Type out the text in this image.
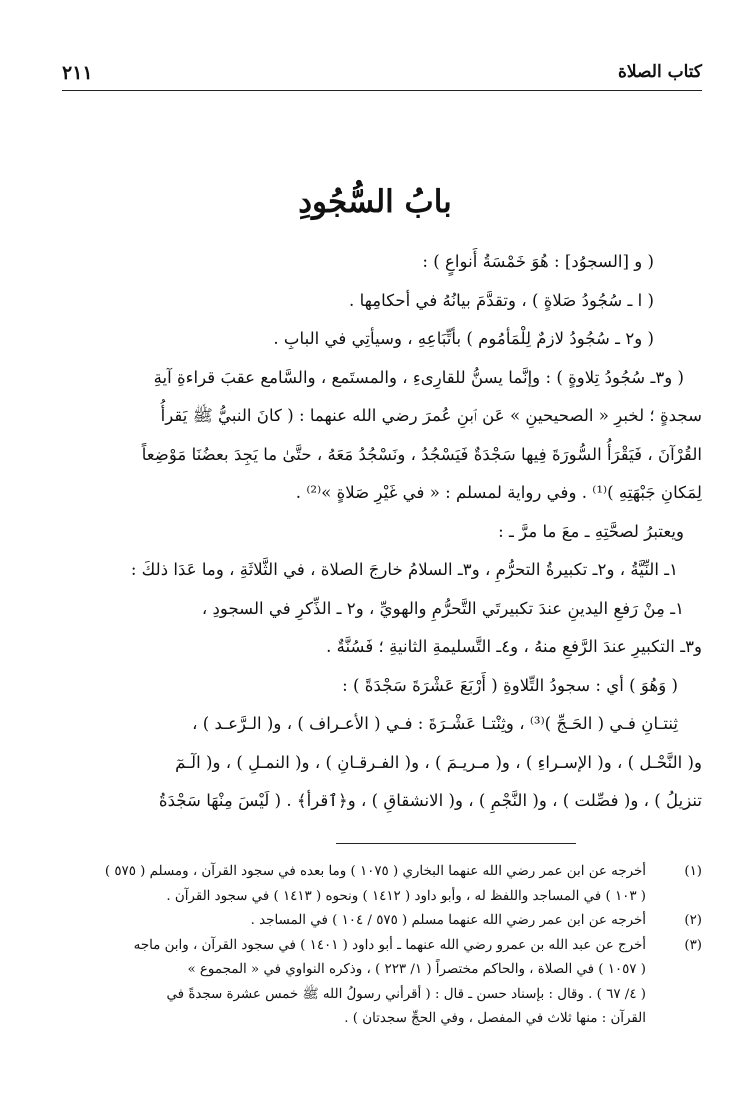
كتاب الصلاة
٢١١
بابُ السُّجُودِ
( و [السجوُد] : هُوَ خَمْسَةُ أَنواعٍ ) :
( ا ـ سُجُودُ صَلاةٍ ) ، وتقدَّمَ بيانُهُ في أحكامِها .
( و٢ ـ سُجُودُ لازمٌ لِلْمَأمُوم ) بأتِّبَاعِهِ ، وسيأتِي في البابِ .
( و٣ـ سُجُودُ تِلاوةٍ ) : وإنَّما يسنُّ للقارِىءِ ، والمستَمع ، والسَّامع عقبَ قراءةِ آيةِ
سجدةٍ ؛ لخبرِ « الصحيحينِ » عَن ٱبنِ عُمرَ رضي الله عنهما : ( كانَ النبيُّ ﷺ يَقرأُ
القُرْآنَ ، فَيَقْرَأُ السُّورَةَ فِيها سَجْدَةٌ فَيَسْجُدُ ، ونَسْجُدُ مَعَهُ ، حتَّىٰ ما يَجِدَ بعضُنَا مَوْضِعاً
لِمَكانِ جَبْهَتِهِ )⁽¹⁾ . وفي رواية لمسلم : « في غَيْرِ صَلاةٍ »⁽²⁾ .
ويعتبرُ لصحَّتِهِ ـ معَ ما مرَّ ـ :
١ـ النِّيَّةُ ، و٢ـ تكبيرةُ التحرُّمِ ، و٣ـ السلامُ خارجَ الصلاة ، في الثَّلاثَةِ ، وما عَدَا ذلكَ :
١ـ مِنْ رَفعِ اليدينِ عندَ تكبيرتَي التَّحرُّمِ والهويِّ ، و٢ ـ الذِّكرِ في السجودِ ،
و٣ـ التكبيرِ عندَ الرَّفعِ منهُ ، و٤ـ التَّسليمةِ الثانيةِ ؛ فَسُنَّةٌ .
( وَهُوَ ) أي : سجودُ التِّلاوةِ ( أَرْبَعَ عَشْرَةَ سَجْدَةً ) :
ثِنتـانِ فـي ( الحَـجِّ )⁽³⁾ ، وثِنْتـا عَشْـرَةَ : فـي ( الأعـراف ) ، و( الـرَّعـد ) ،
و( النَّحْـل ) ، و( الإسـراءِ ) ، و( مـريـمَ ) ، و( الفـرقـانِ ) ، و( النمـلِ ) ، و( الٓـمٓ
تنزيلُ ) ، و( فصِّلت ) ، و( النَّجْمِ ) ، و( الانشقاقِ ) ، و﴿ٱقرأ﴾ . ( لَيْسَ مِنْهَا سَجْدَةُ
(١)أخرجه عن ابن عمر رضي الله عنهما البخاري ( ١٠٧٥ ) وما بعده في سجود القرآن ، ومسلم ( ٥٧٥ )
( ١٠٣ ) في المساجد واللفظ له ، وأبو داود ( ١٤١٢ ) ونحوه ( ١٤١٣ ) في سجود القرآن .
(٢)أخرجه عن ابن عمر رضي الله عنهما مسلم ( ٥٧٥ / ١٠٤ ) في المساجد .
(٣)أخرج عن عبد الله بن عمرو رضي الله عنهما ـ أبو داود ( ١٤٠١ ) في سجود القرآن ، وابن ماجه
( ١٠٥٧ ) في الصلاة ، والحاكم مختصراً ( ١/ ٢٢٣ ) ، وذكره النواوي في « المجموع »
( ٤/ ٦٧ ) . وقال : بإسناد حسن ـ قال : ( أقرأني رسولُ الله ﷺ خمس عشرة سجدةً في
القرآن : منها ثلاث في المفصل ، وفي الحجِّ سجدتان ) .
